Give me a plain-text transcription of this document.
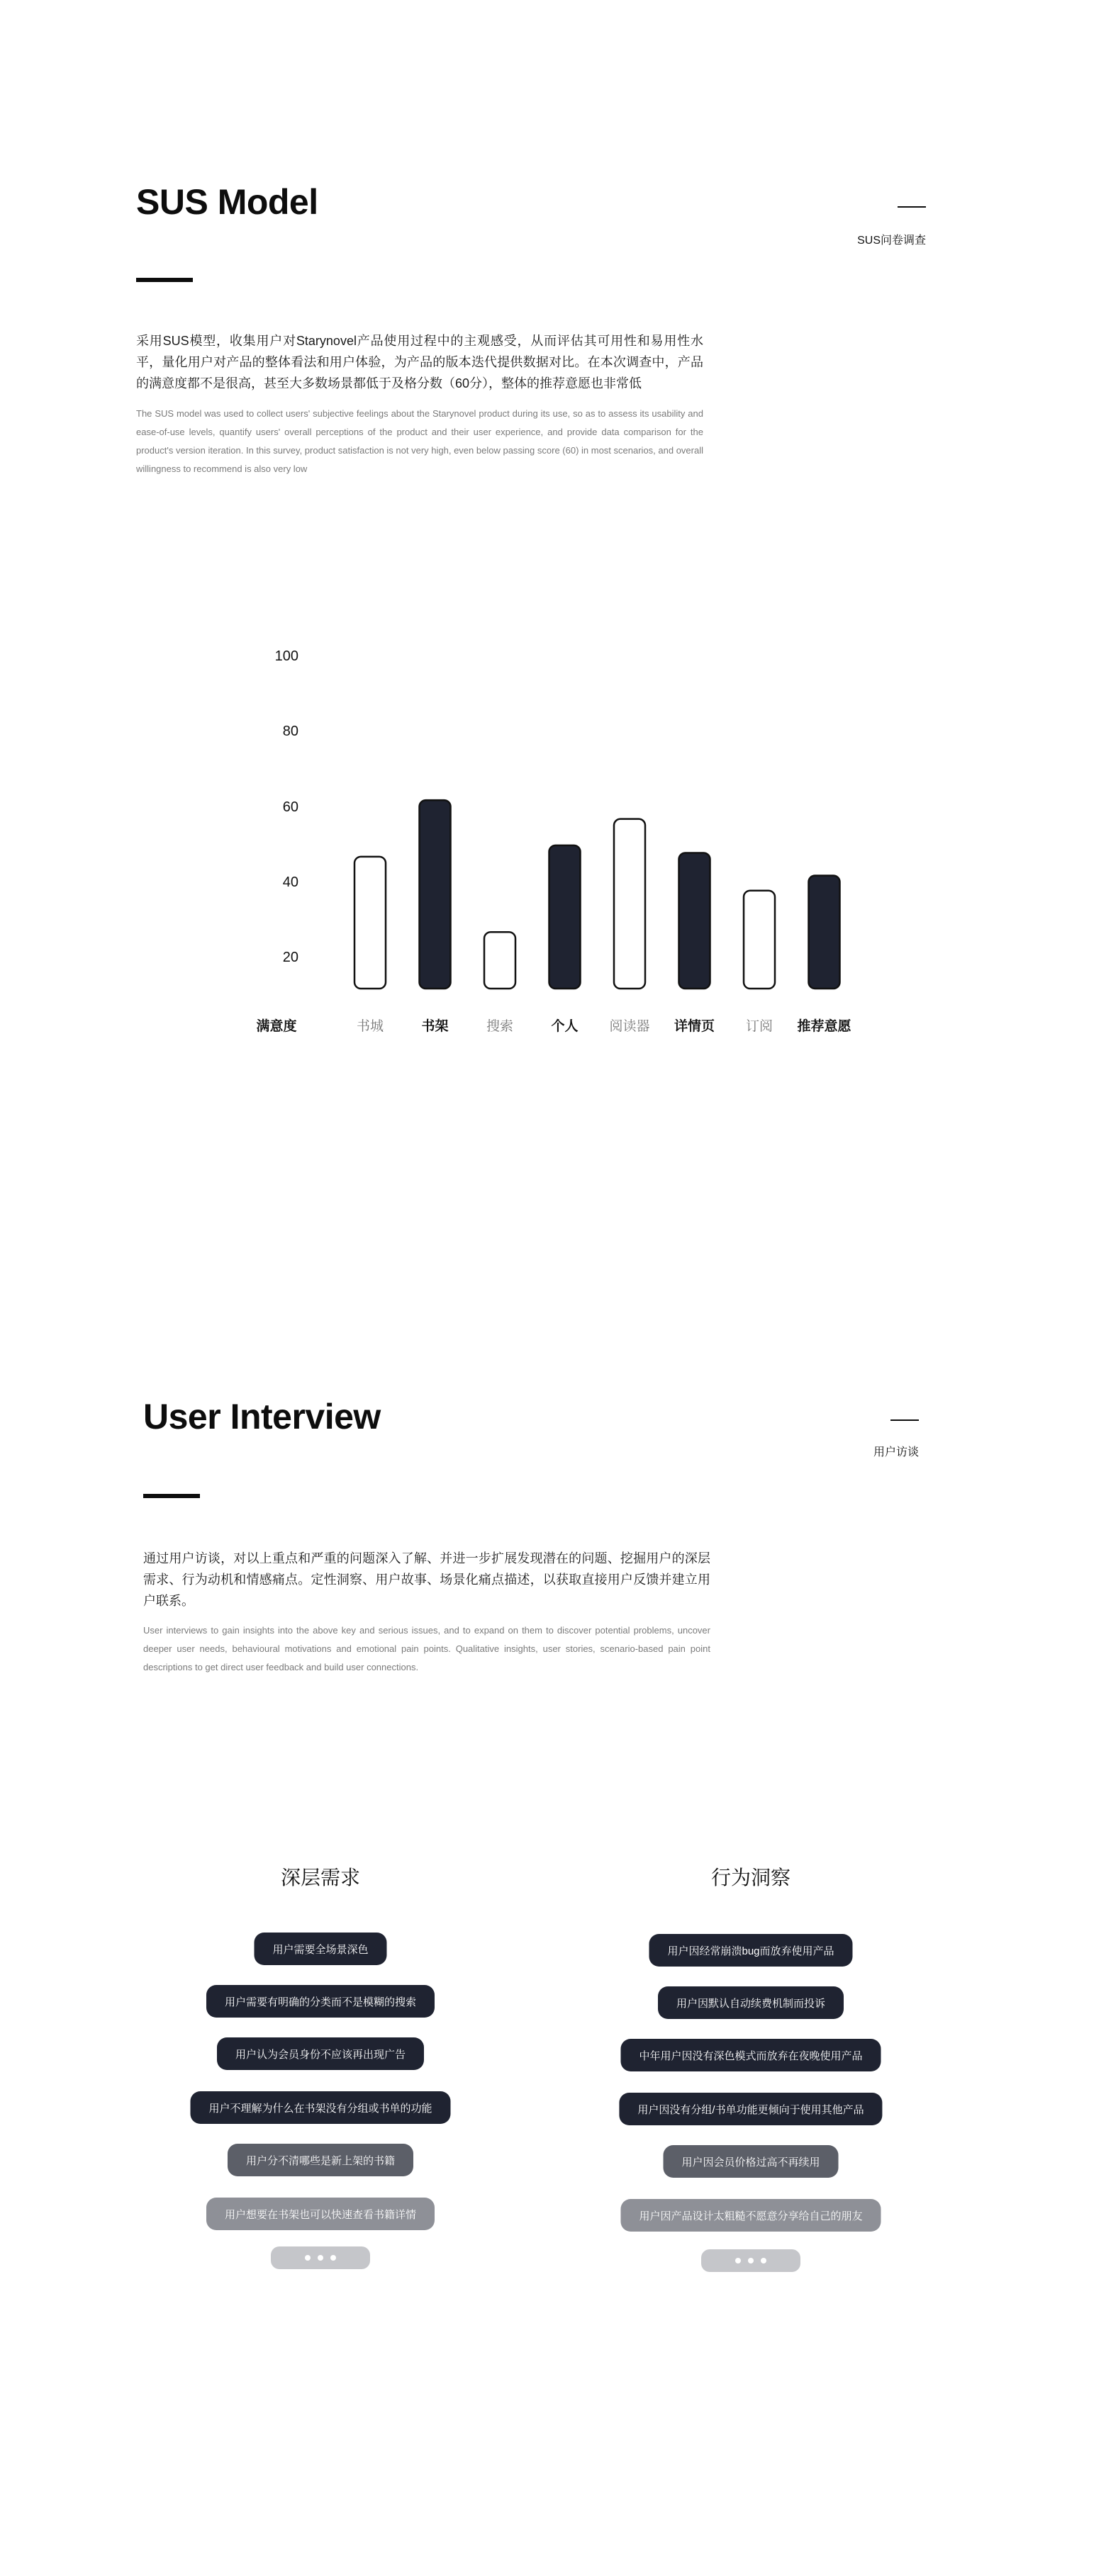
SUS Model
SUS问卷调查
采用SUS模型，收集用户对Starynovel产品使用过程中的主观感受，从而评估其可用性和易用性水平，量化用户对产品的整体看法和用户体验，为产品的版本迭代提供数据对比。在本次调查中，产品的满意度都不是很高，甚至大多数场景都低于及格分数（60分），整体的推荐意愿也非常低
The SUS model was used to collect users' subjective feelings about the Starynovel product during its use, so as to assess its usability and ease-of-use levels, quantify users' overall perceptions of the product and their user experience, and provide data comparison for the product's version iteration. In this survey, product satisfaction is not very high, even below passing score (60) in most scenarios, and overall willingness to recommend is also very low
20
40
60
80
100
满意度	书城	书架	搜索	个人	阅读器	详情页	订阅	推荐意愿
User Interview
用户访谈
通过用户访谈，对以上重点和严重的问题深入了解、并进一步扩展发现潜在的问题、挖掘用户的深层需求、行为动机和情感痛点。定性洞察、用户故事、场景化痛点描述，以获取直接用户反馈并建立用户联系。
User interviews to gain insights into the above key and serious issues, and to expand on them to discover potential problems, uncover deeper user needs, behavioural motivations and emotional pain points. Qualitative insights, user stories, scenario-based pain point descriptions to get direct user feedback and build user connections.
深层需求	行为洞察
用户需要全场景深色
用户需要有明确的分类而不是模糊的搜索
用户认为会员身份不应该再出现广告
用户不理解为什么在书架没有分组或书单的功能
用户分不清哪些是新上架的书籍
用户想要在书架也可以快速查看书籍详情
用户因经常崩溃bug而放弃使用产品
用户因默认自动续费机制而投诉
中年用户因没有深色模式而放弃在夜晚使用产品
用户因没有分组/书单功能更倾向于使用其他产品
用户因会员价格过高不再续用
用户因产品设计太粗糙不愿意分享给自己的朋友
